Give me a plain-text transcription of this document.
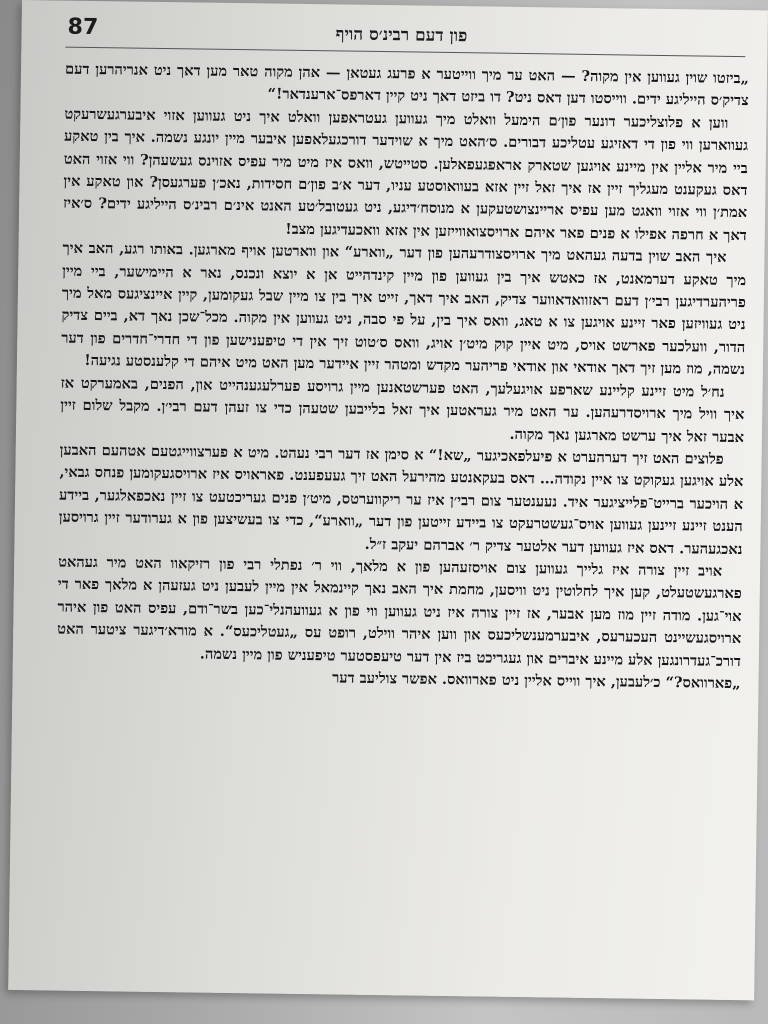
87	פון דעם רבינ׳ס הויף

„ביזטו שוין געווען אין מקוה? — האט ער מיך ווייטער א פרעג געטאן — אהן מקוה טאר מען דאך ניט אנריהרען דעם צדיק׳ס הייליגע ידים. ווייסטו דען דאס ניט? דו ביזט דאך ניט קיין דארפס־ארענדאר!“

ווען א פלוצליכער דונער פון׳ם הימעל וואלט מיך געווען געטראפען וואלט איך ניט געווען אזוי איבערגעשרעקט געווארען ווי פון די דאזיגע עטליכע דבורים. ס׳האט מיך א שוידער דורכגעלאפען איבער מיין יונגע נשמה. איך בין טאקע ביי מיר אליין אין מיינע אויגען שטארק אראפגעפאלען. סטייטש, וואס איז מיט מיר עפיס אזוינס געשעהן? ווי אזוי האט דאס געקענט מעגליך זיין אז איך זאל זיין אזא בעוואוסטע עניו, דער א׳ב פון׳ם חסידות, נאכ׳ן פערגעסן? און טאקע אין אמת׳ן ווי אזוי וואגט מען עפיס אריינצושטעקען א מנוסח׳דיגע, ניט געטובל׳טע האנט אינ׳ם רבינ׳ס הייליגע ידים? ס׳איז דאך א חרפה אפילו א פנים פאר איהם ארויסצואווייזען אין אזא וואכעדיגען מצב!

איך האב שוין בדעה געהאט מיך ארויסצודרעהען פון דער „ווארע“ און ווארטען אויף מארגען. באותו רגע, האב איך מיך טאקע דערמאנט, אז כאטש איך בין געווען פון מיין קינדהייט אן א יוצא ונכנס, נאר א היימישער, ביי מיין פריהערדיגען רבי׳ן דעם ראזוואדאווער צדיק, האב איך דאך, זייט איך בין צו מיין שבל געקומען, קיין איינציגעס מאל מיך ניט געוויזען פאר זיינע אויגען צו א טאג, וואס איך בין, על פי סבה, ניט געווען אין מקוה. מכל־שכן נאך דא, ביים צדיק הדור, וועלכער פארשט אויס, מיט איין קוק מיט׳ן אויג, וואס ס׳טוט זיך אין די טיפענישען פון די חדרי־חדרים פון דער נשמה, מוז מען זיך דאך אודאי און אודאי פריהער מקדש ומטהר זיין איידער מען האט מיט איהם די קלענסטע נגיעה!

נח׳ל מיט זיינע קליינע שארפע אויגעלעך, האט פערשטאנען מיין גרויסע פערלעגענהייט און, הפנים, באמערקט אז איך וויל מיך ארויסדרעהען. ער האט מיר געראטען איך זאל בלייבען שטעהן כדי צו זעהן דעם רבי׳ן. מקבל שלום זיין אבער זאל איך ערשט מארגען נאך מקוה.

פלוצים האט זיך דערהערט א פיעלפאכיגער „שא!“ א סימן אז דער רבי נעהט. מיט א פערצווייגטעם אטהעם האבען אלע אויגען געקוקט צו איין נקודה… דאס בעקאנטע מהירעל האט זיך געעפענט. פאראויס איז ארויסגעקומען פנחס גבאי, א הויכער ברייט־פלייציגער איד. נעענטער צום רבי׳ן איז ער ריקווערטס, מיט׳ן פנים געריכטעט צו זיין נאכפאלגער, ביידע הענט זיינע זיינען געווען אויס־געשטרעקט צו ביידע זייטען פון דער „ווארע“, כדי צו בעשיצען פון א גערודער זיין גרויסען נאכגעהער. דאס איז געווען דער אלטער צדיק ר׳ אברהם יעקב ז״ל.

אויב זיין צורה איז גלייך געווען צום אויסזעהען פון א מלאך, ווי ר׳ נפתלי רבי פון רזיקאוו האט מיר געהאט פארגעשטעלט, קען איך לחלוטין ניט וויסען, מחמת איך האב נאך קיינמאל אין מיין לעבען ניט געזעהן א מלאך פאר די אוי־גען. מודה זיין מוז מען אבער, אז זיין צורה איז ניט געווען ווי פון א געוועהנלי־כען בשר־ודם, עפיס האט פון איהר ארויסגעשיינט העכערעס, איבערמענשליכעס און ווען איהר ווילט, רופט עס „געטליכעס“. א מורא׳דיגער ציטער האט דורכ־געדרונגען אלע מיינע איברים און געגריכט ביז אין דער טיעפסטער טיפעניש פון מיין נשמה.

„פארוואס?“ כ׳לעבען, איך ווייס אליין ניט פארוואס. אפשר צוליעב דער
